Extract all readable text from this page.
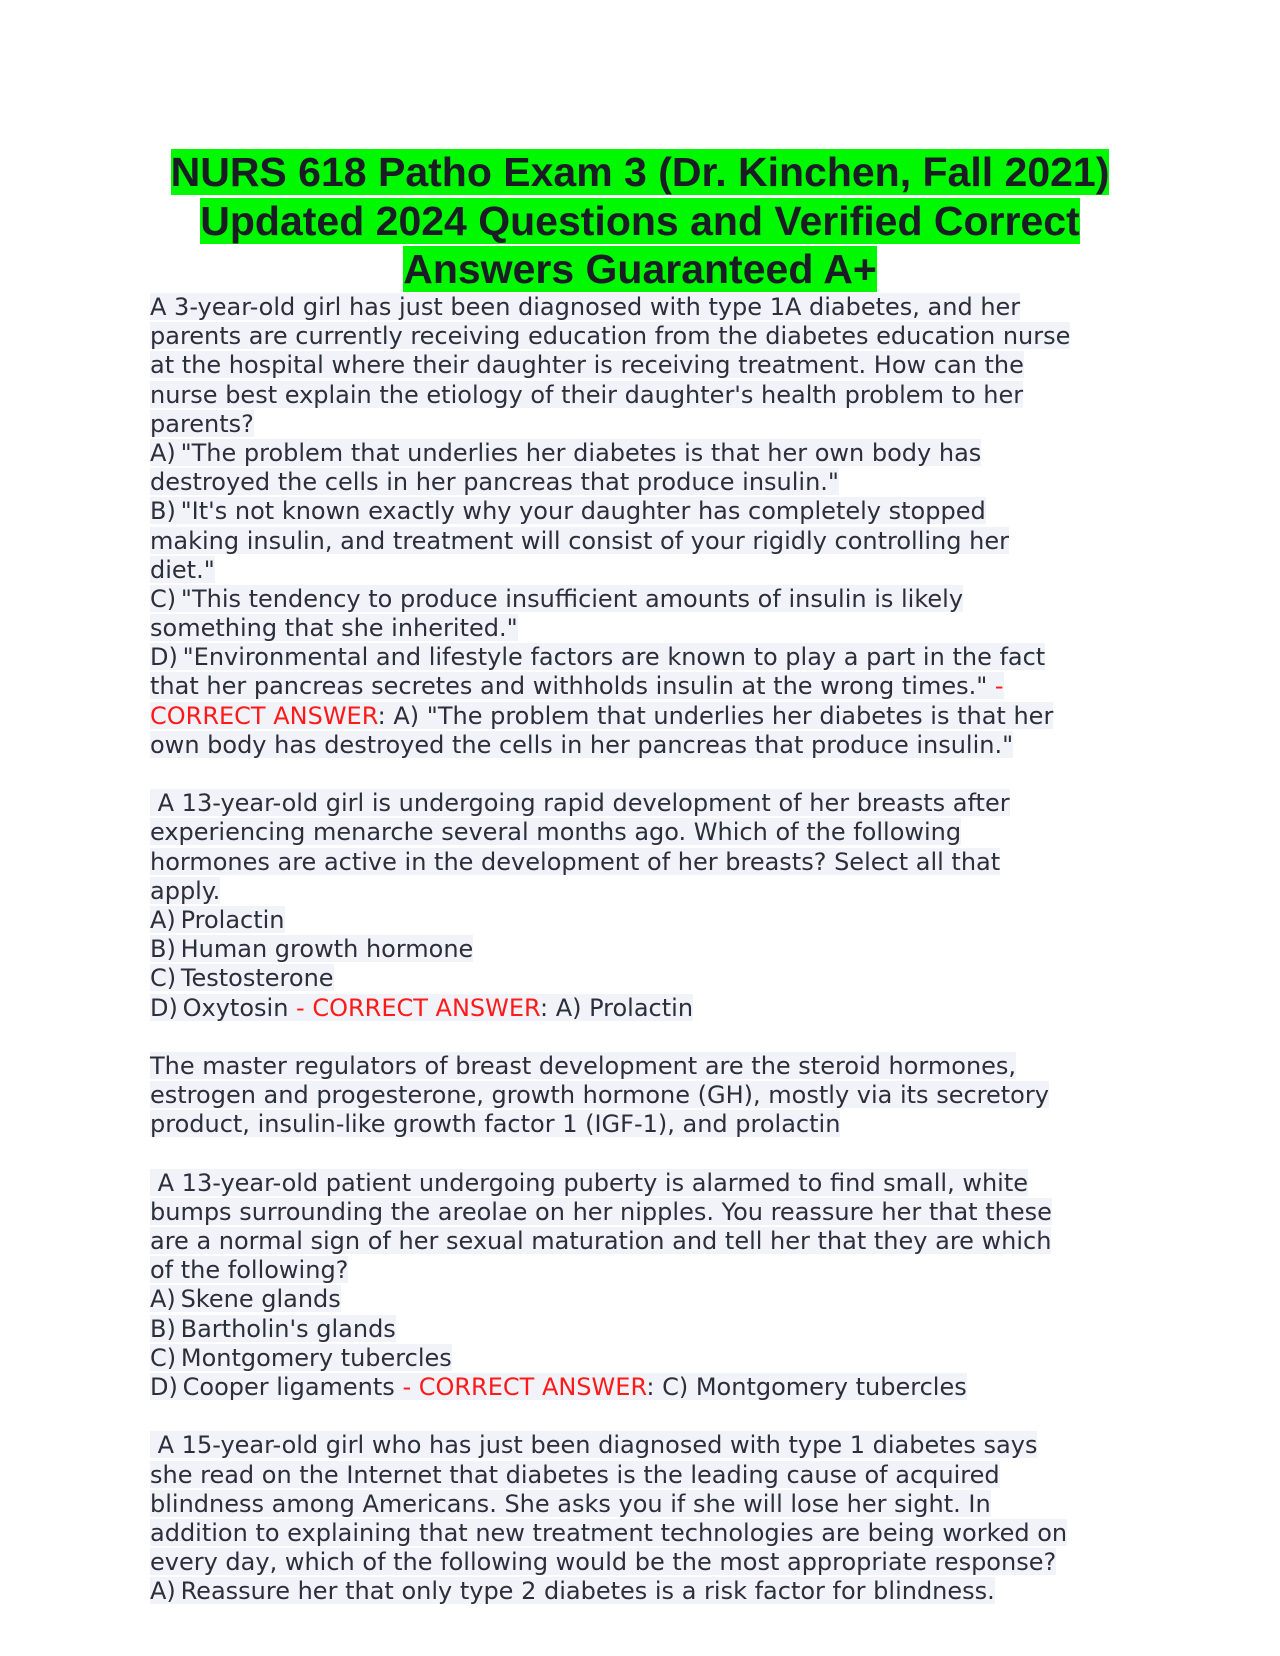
NURS 618 Patho Exam 3 (Dr. Kinchen, Fall 2021)
Updated 2024 Questions and Verified Correct
Answers Guaranteed A+
A 3-year-old girl has just been diagnosed with type 1A diabetes, and her
parents are currently receiving education from the diabetes education nurse
at the hospital where their daughter is receiving treatment. How can the
nurse best explain the etiology of their daughter's health problem to her
parents?
A) "The problem that underlies her diabetes is that her own body has
destroyed the cells in her pancreas that produce insulin."
B) "It's not known exactly why your daughter has completely stopped
making insulin, and treatment will consist of your rigidly controlling her
diet."
C) "This tendency to produce insufficient amounts of insulin is likely
something that she inherited."
D) "Environmental and lifestyle factors are known to play a part in the fact
that her pancreas secretes and withholds insulin at the wrong times." -
CORRECT ANSWER: A) "The problem that underlies her diabetes is that her
own body has destroyed the cells in her pancreas that produce insulin."
A 13-year-old girl is undergoing rapid development of her breasts after
experiencing menarche several months ago. Which of the following
hormones are active in the development of her breasts? Select all that
apply.
A) Prolactin
B) Human growth hormone
C) Testosterone
D) Oxytosin - CORRECT ANSWER: A) Prolactin
The master regulators of breast development are the steroid hormones,
estrogen and progesterone, growth hormone (GH), mostly via its secretory
product, insulin-like growth factor 1 (IGF-1), and prolactin
A 13-year-old patient undergoing puberty is alarmed to find small, white
bumps surrounding the areolae on her nipples. You reassure her that these
are a normal sign of her sexual maturation and tell her that they are which
of the following?
A) Skene glands
B) Bartholin's glands
C) Montgomery tubercles
D) Cooper ligaments - CORRECT ANSWER: C) Montgomery tubercles
A 15-year-old girl who has just been diagnosed with type 1 diabetes says
she read on the Internet that diabetes is the leading cause of acquired
blindness among Americans. She asks you if she will lose her sight. In
addition to explaining that new treatment technologies are being worked on
every day, which of the following would be the most appropriate response?
A) Reassure her that only type 2 diabetes is a risk factor for blindness.
